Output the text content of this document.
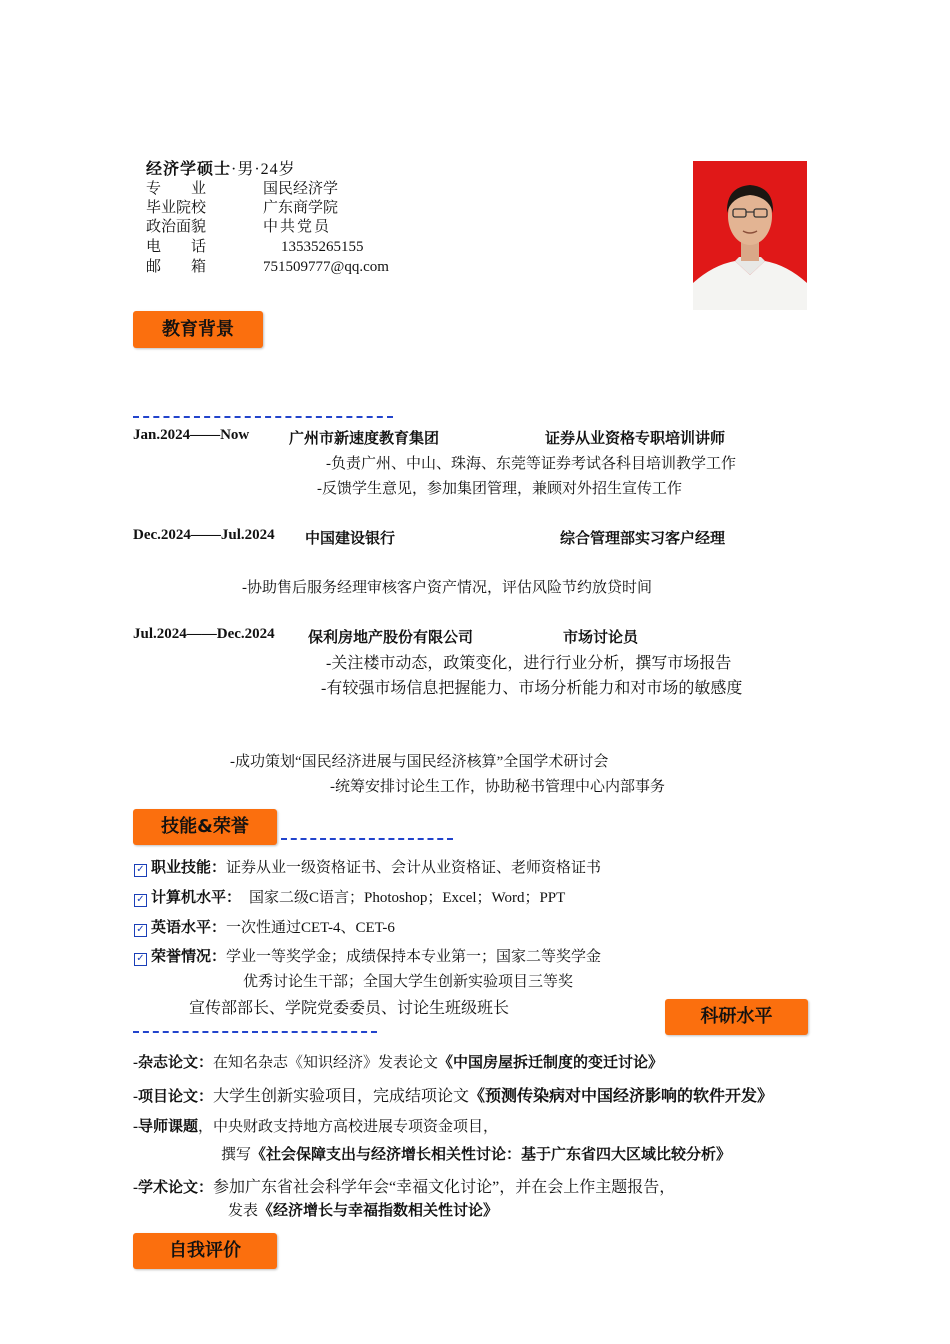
经济学硕士·男·24岁
专　　业	国民经济学
毕业院校	广东商学院
政治面貌	中共党员
电　　话	13535265155
邮　　箱	751509777@qq.com
教育背景
Jan.2024——Now	广州市新速度教育集团	证券从业资格专职培训讲师
-负责广州、中山、珠海、东莞等证券考试各科目培训教学工作
-反馈学生意见，参加集团管理，兼顾对外招生宣传工作
Dec.2024——Jul.2024 中国建设银行	综合管理部实习客户经理
-协助售后服务经理审核客户资产情况，评估风险节约放贷时间
Jul.2024——Dec.2024 保利房地产股份有限公司	市场讨论员
-关注楼市动态，政策变化，进行行业分析，撰写市场报告
-有较强市场信息把握能力、市场分析能力和对市场的敏感度
-成功策划“国民经济进展与国民经济核算”全国学术研讨会
-统筹安排讨论生工作，协助秘书管理中心内部事务
技能&荣誉
✓ 职业技能：证券从业一级资格证书、会计从业资格证、老师资格证书
✓ 计算机水平： 国家二级C语言；Photoshop；Excel；Word；PPT
✓ 英语水平：一次性通过CET-4、CET-6
✓ 荣誉情况：学业一等奖学金；成绩保持本专业第一；国家二等奖学金
优秀讨论生干部；全国大学生创新实验项目三等奖
宣传部部长、学院党委委员、讨论生班级班长	科研水平
-杂志论文：在知名杂志《知识经济》发表论文《中国房屋拆迁制度的变迁讨论》
-项目论文：大学生创新实验项目，完成结项论文《预测传染病对中国经济影响的软件开发》
-导师课题，中央财政支持地方高校进展专项资金项目，
撰写《社会保障支出与经济增长相关性讨论：基于广东省四大区域比较分析》
-学术论文：参加广东省社会科学年会“幸福文化讨论”，并在会上作主题报告，
发表《经济增长与幸福指数相关性讨论》
自我评价
